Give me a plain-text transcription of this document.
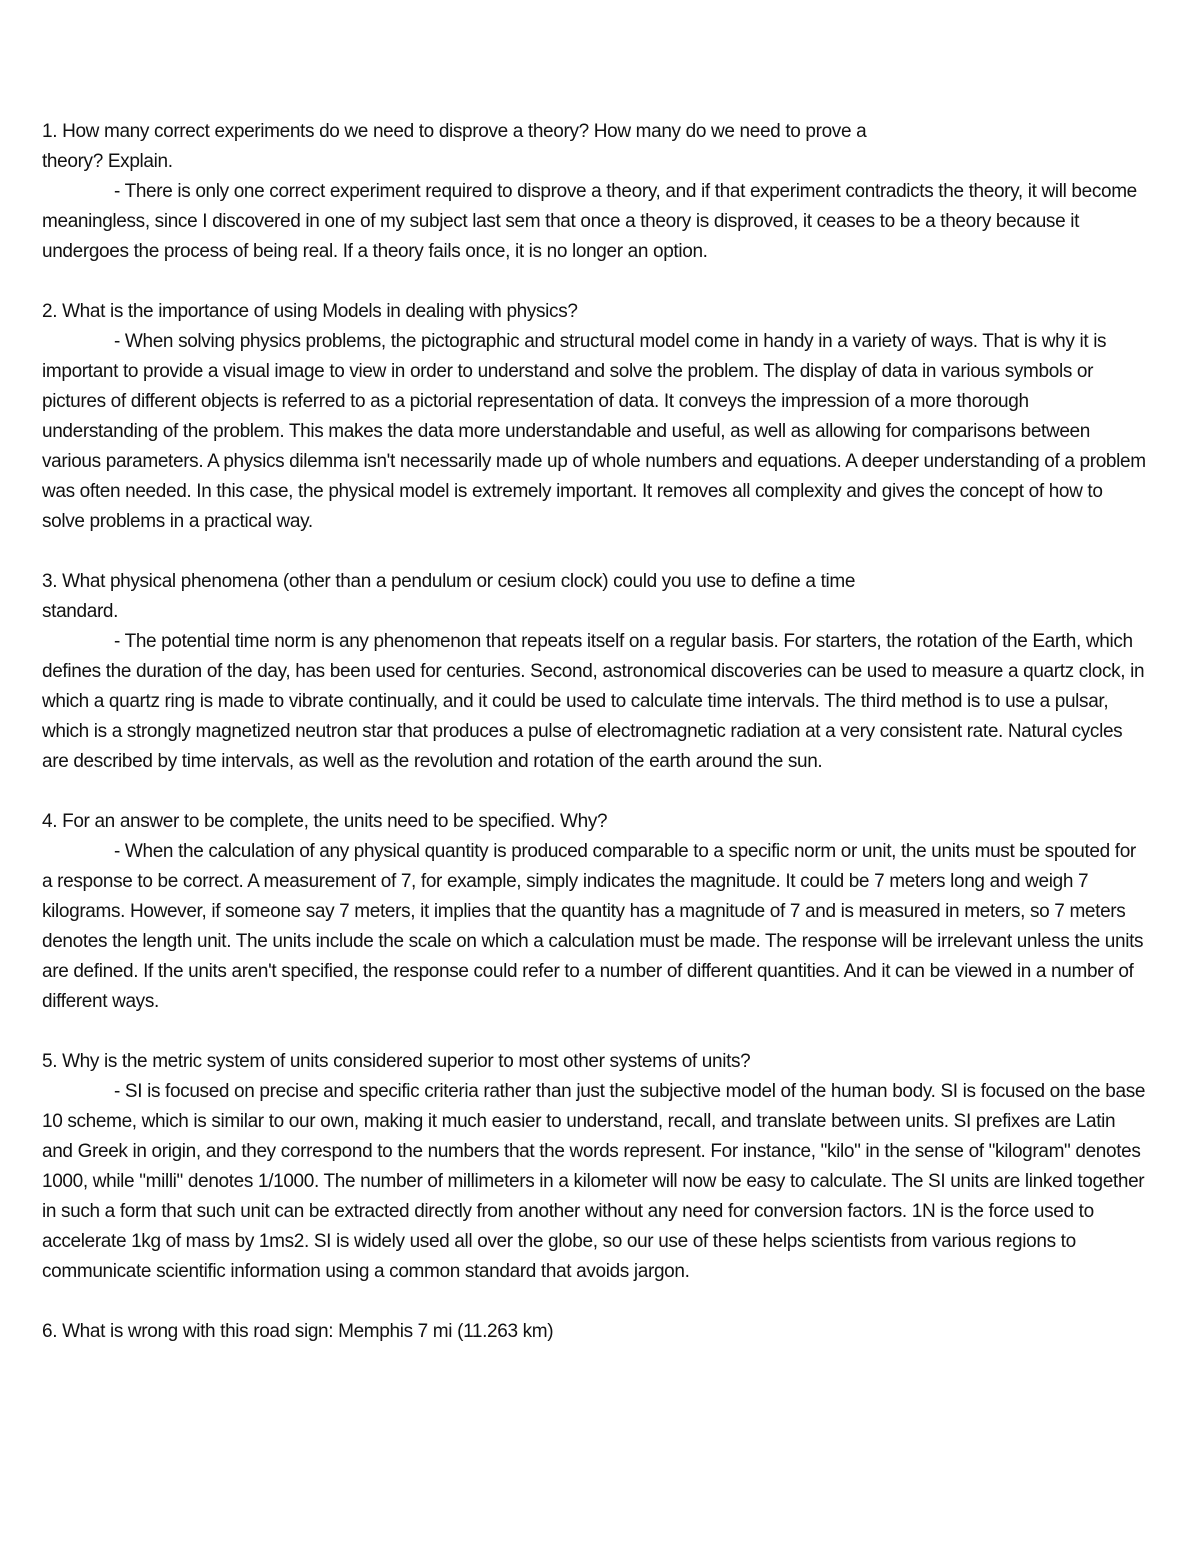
1. How many correct experiments do we need to disprove a theory? How many do we need to prove a theory? Explain.
- There is only one correct experiment required to disprove a theory, and if that experiment contradicts the theory, it will become meaningless, since I discovered in one of my subject last sem that once a theory is disproved, it ceases to be a theory because it undergoes the process of being real. If a theory fails once, it is no longer an option.
2. What is the importance of using Models in dealing with physics?
- When solving physics problems, the pictographic and structural model come in handy in a variety of ways. That is why it is important to provide a visual image to view in order to understand and solve the problem. The display of data in various symbols or pictures of different objects is referred to as a pictorial representation of data. It conveys the impression of a more thorough understanding of the problem. This makes the data more understandable and useful, as well as allowing for comparisons between various parameters. A physics dilemma isn't necessarily made up of whole numbers and equations. A deeper understanding of a problem was often needed. In this case, the physical model is extremely important. It removes all complexity and gives the concept of how to solve problems in a practical way.
3. What physical phenomena (other than a pendulum or cesium clock) could you use to define a time standard.
- The potential time norm is any phenomenon that repeats itself on a regular basis. For starters, the rotation of the Earth, which defines the duration of the day, has been used for centuries. Second, astronomical discoveries can be used to measure a quartz clock, in which a quartz ring is made to vibrate continually, and it could be used to calculate time intervals. The third method is to use a pulsar, which is a strongly magnetized neutron star that produces a pulse of electromagnetic radiation at a very consistent rate. Natural cycles are described by time intervals, as well as the revolution and rotation of the earth around the sun.
4. For an answer to be complete, the units need to be specified. Why?
- When the calculation of any physical quantity is produced comparable to a specific norm or unit, the units must be spouted for a response to be correct. A measurement of 7, for example, simply indicates the magnitude. It could be 7 meters long and weigh 7 kilograms. However, if someone say 7 meters, it implies that the quantity has a magnitude of 7 and is measured in meters, so 7 meters denotes the length unit. The units include the scale on which a calculation must be made. The response will be irrelevant unless the units are defined. If the units aren't specified, the response could refer to a number of different quantities. And it can be viewed in a number of different ways.
5. Why is the metric system of units considered superior to most other systems of units?
- SI is focused on precise and specific criteria rather than just the subjective model of the human body. SI is focused on the base 10 scheme, which is similar to our own, making it much easier to understand, recall, and translate between units. SI prefixes are Latin and Greek in origin, and they correspond to the numbers that the words represent. For instance, "kilo" in the sense of "kilogram" denotes 1000, while "milli" denotes 1/1000. The number of millimeters in a kilometer will now be easy to calculate. The SI units are linked together in such a form that such unit can be extracted directly from another without any need for conversion factors. 1N is the force used to accelerate 1kg of mass by 1ms2. SI is widely used all over the globe, so our use of these helps scientists from various regions to communicate scientific information using a common standard that avoids jargon.
6. What is wrong with this road sign: Memphis 7 mi (11.263 km)
